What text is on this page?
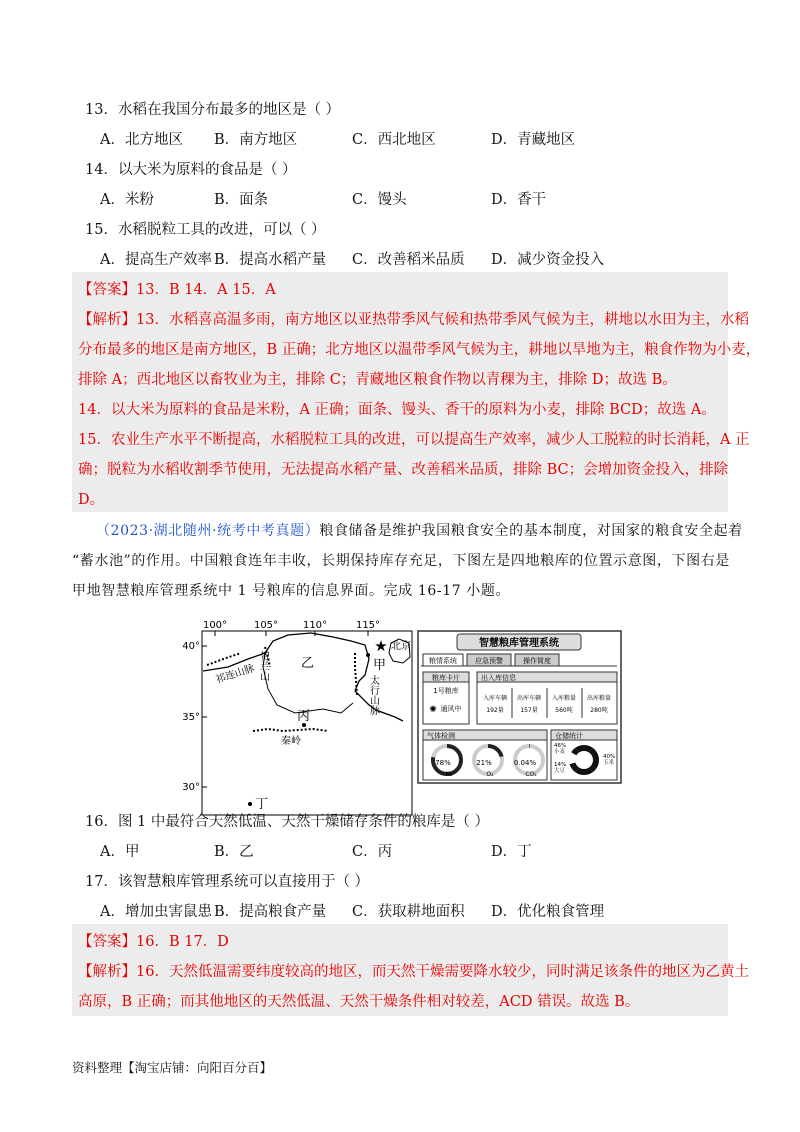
13．水稻在我国分布最多的地区是（ ）
A．北方地区 B．南方地区	C．西北地区	D．青藏地区
14．以大米为原料的食品是（ ）
A．米粉	B．面条	C．馒头	D．香干
15．水稻脱粒工具的改进，可以（ ）
A．提高生产效率 B．提高水稻产量 C．改善稻米品质 D．减少资金投入
【答案】13．B 14．A 15．A
【解析】13．水稻喜高温多雨，南方地区以亚热带季风气候和热带季风气候为主，耕地以水田为主，水稻
分布最多的地区是南方地区，B 正确；北方地区以温带季风气候为主，耕地以旱地为主，粮食作物为小麦，
排除 A；西北地区以畜牧业为主，排除 C；青藏地区粮食作物以青稞为主，排除 D；故选 B。
14．以大米为原料的食品是米粉，A 正确；面条、馒头、香干的原料为小麦，排除 BCD；故选 A。
15．农业生产水平不断提高，水稻脱粒工具的改进，可以提高生产效率，减少人工脱粒的时长消耗，A 正
确；脱粒为水稻收割季节使用，无法提高水稻产量、改善稻米品质，排除 BC；会增加资金投入，排除
D。
（2023·湖北随州·统考中考真题）粮食储备是维护我国粮食安全的基本制度，对国家的粮食安全起着
“蓄水池”的作用。中国粮食连年丰收，长期保持库存充足，下图左是四地粮库的位置示意图，下图右是
甲地智慧粮库管理系统中 1 号粮库的信息界面。完成 16-17 小题。
100°	105° 110°	115°
40°
35°
30°
★ 北京
甲
乙
丙
丁
祁连山脉 贺兰山
太行山脉
秦岭
智慧粮库管理系统
粮情系统	应急预警	操作简度
粮库卡片
1号粮库
✺ 通风中
出入库信息
入库车辆
192量
出库车辆
157量
入库粮量
560吨
出库粮量
280吨
气体检测
78%
N₂
21%
O₂
0.04%
CO₂
仓储统计
46%
小麦
14%
大豆
40%
玉米
16．图 1 中最符合天然低温、天然干燥储存条件的粮库是（ ）
A．甲	B．乙	C．丙	D．丁
17．该智慧粮库管理系统可以直接用于（ ）
A．增加虫害鼠患 B．提高粮食产量 C．获取耕地面积 D．优化粮食管理
【答案】16．B 17．D
【解析】16．天然低温需要纬度较高的地区，而天然干燥需要降水较少，同时满足该条件的地区为乙黄土
高原，B 正确；而其他地区的天然低温、天然干燥条件相对较差，ACD 错误。故选 B。
资料整理【淘宝店铺：向阳百分百】
